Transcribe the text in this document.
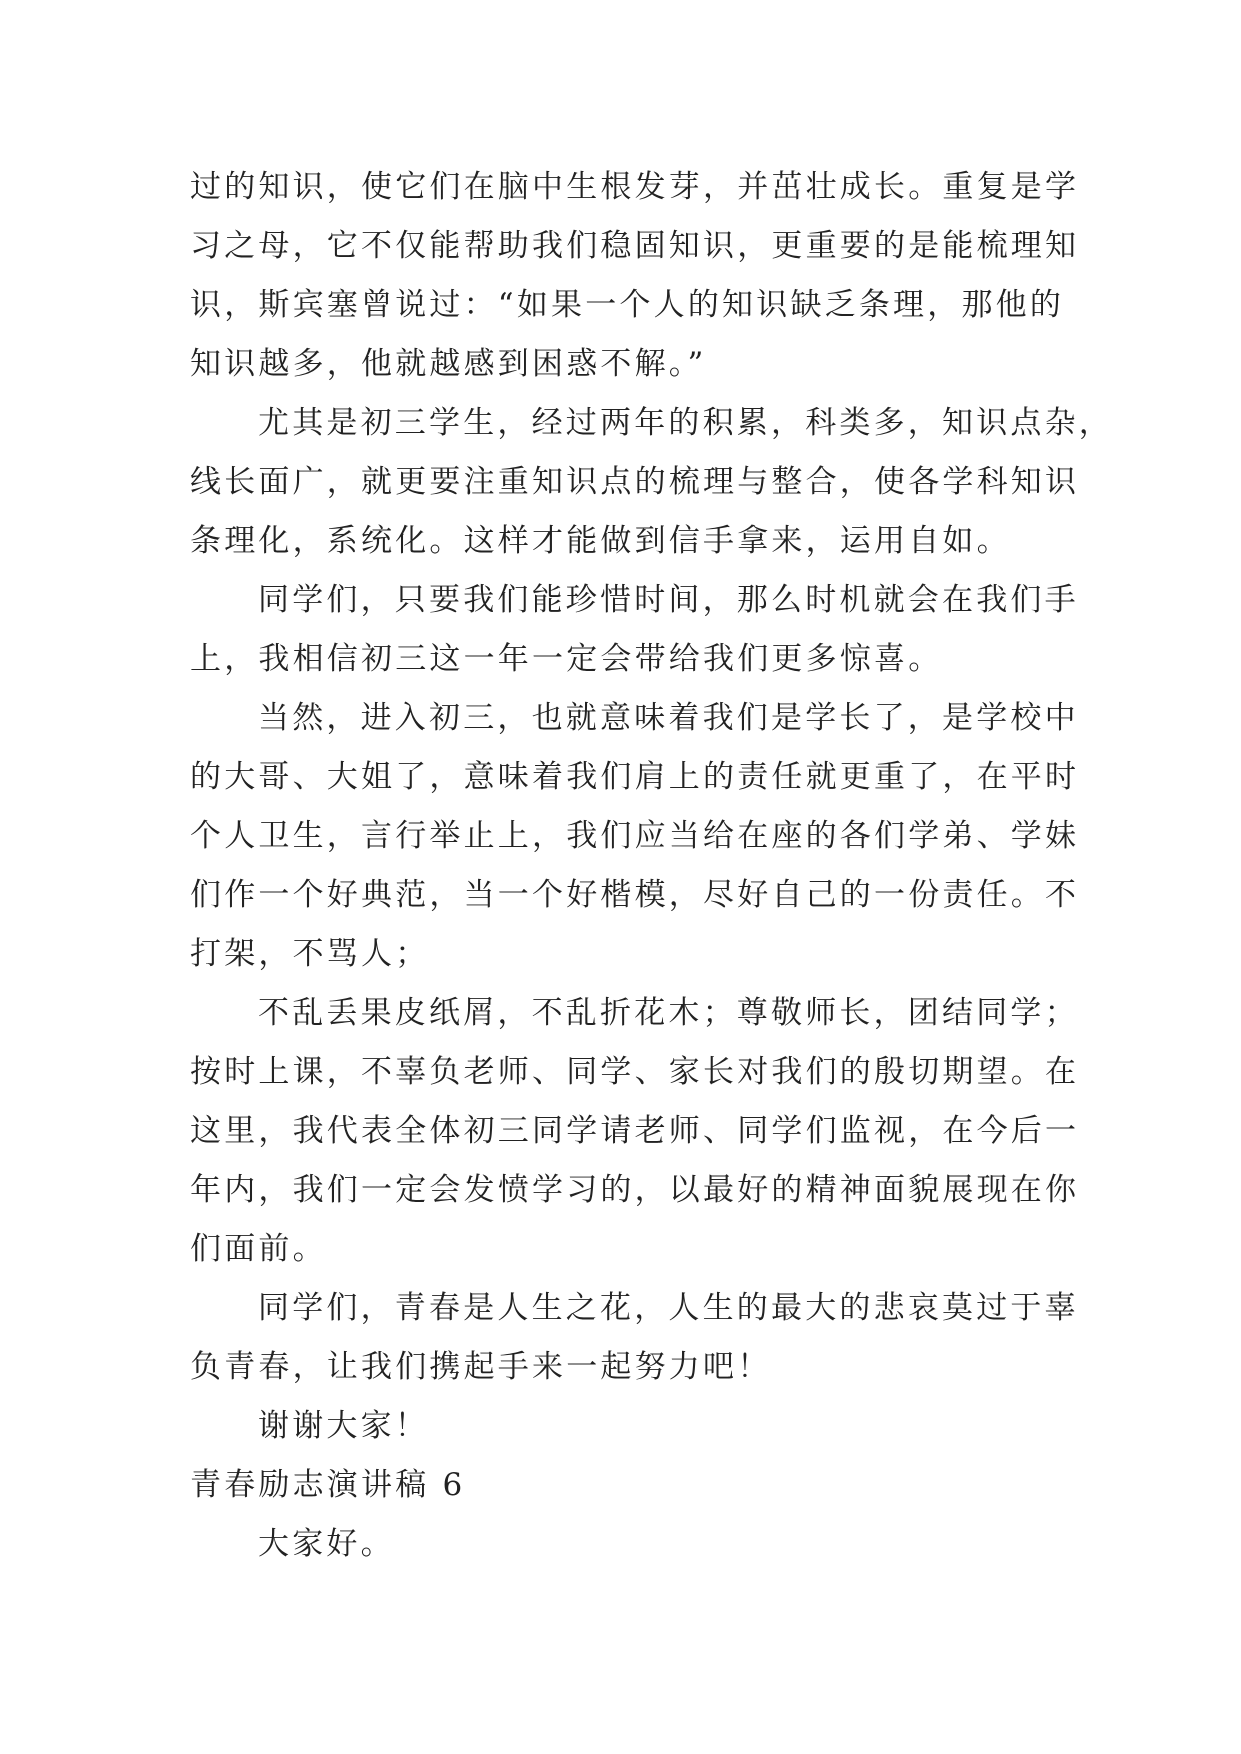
过的知识，使它们在脑中生根发芽，并茁壮成长。重复是学
习之母，它不仅能帮助我们稳固知识，更重要的是能梳理知
识，斯宾塞曾说过：“如果一个人的知识缺乏条理，那他的
知识越多，他就越感到困惑不解。”
尤其是初三学生，经过两年的积累，科类多，知识点杂，
线长面广，就更要注重知识点的梳理与整合，使各学科知识
条理化，系统化。这样才能做到信手拿来，运用自如。
同学们，只要我们能珍惜时间，那么时机就会在我们手
上，我相信初三这一年一定会带给我们更多惊喜。
当然，进入初三，也就意味着我们是学长了，是学校中
的大哥、大姐了，意味着我们肩上的责任就更重了，在平时
个人卫生，言行举止上，我们应当给在座的各们学弟、学妹
们作一个好典范，当一个好楷模，尽好自己的一份责任。不
打架，不骂人；
不乱丢果皮纸屑，不乱折花木；尊敬师长，团结同学；
按时上课，不辜负老师、同学、家长对我们的殷切期望。在
这里，我代表全体初三同学请老师、同学们监视，在今后一
年内，我们一定会发愤学习的，以最好的精神面貌展现在你
们面前。
同学们，青春是人生之花，人生的最大的悲哀莫过于辜
负青春，让我们携起手来一起努力吧！
谢谢大家！
青春励志演讲稿 6
大家好。
